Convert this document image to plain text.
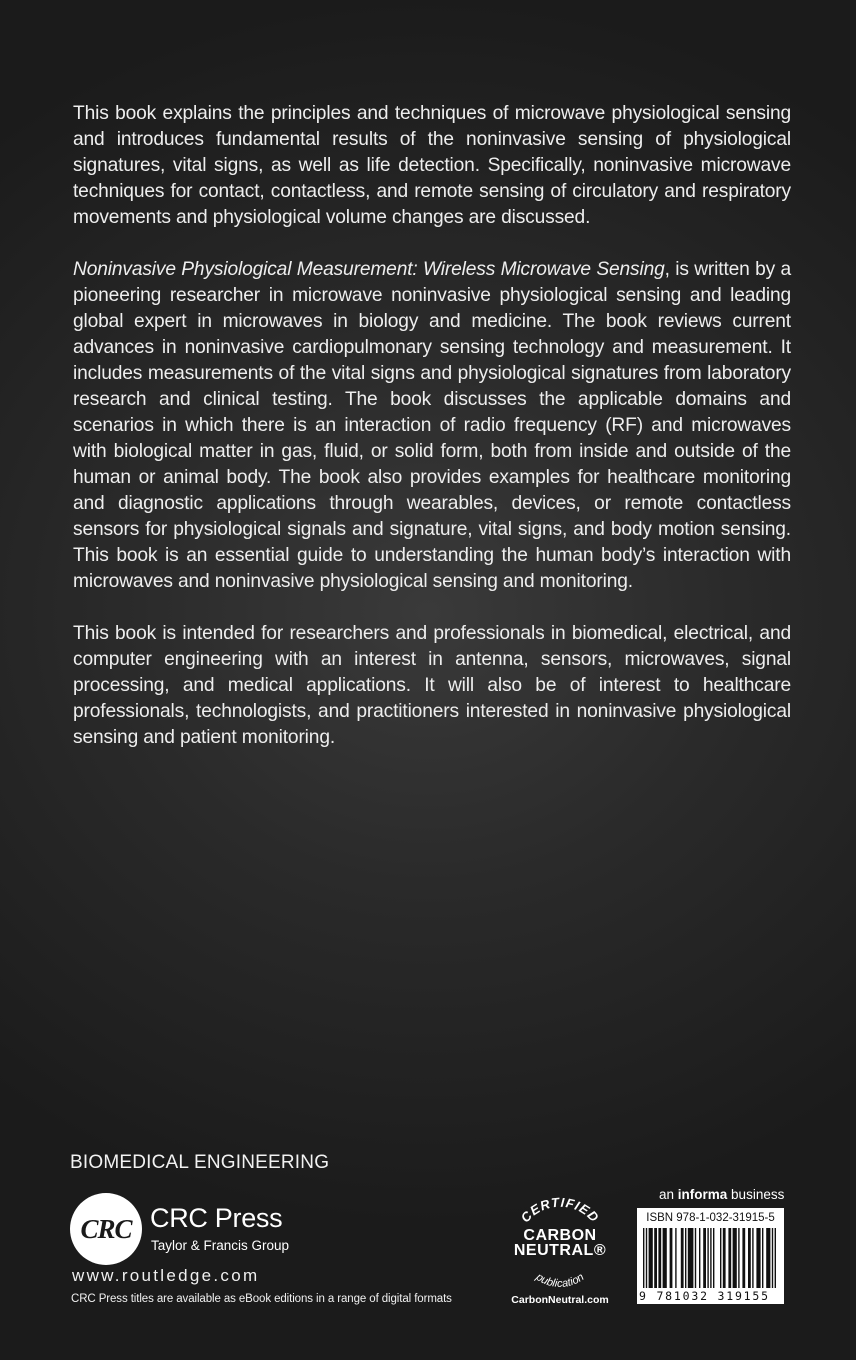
This book explains the principles and techniques of microwave physiological sensing and introduces fundamental results of the noninvasive sensing of physiological signatures, vital signs, as well as life detection. Specifically, noninvasive microwave techniques for contact, contactless, and remote sensing of circulatory and respiratory movements and physiological volume changes are discussed.

Noninvasive Physiological Measurement: Wireless Microwave Sensing, is written by a pioneering researcher in microwave noninvasive physiological sensing and leading global expert in microwaves in biology and medicine. The book reviews current advances in noninvasive cardiopulmonary sensing technology and measurement. It includes measurements of the vital signs and physiological signatures from laboratory research and clinical testing. The book discusses the applicable domains and scenarios in which there is an interaction of radio frequency (RF) and microwaves with biological matter in gas, fluid, or solid form, both from inside and outside of the human or animal body. The book also provides examples for healthcare monitoring and diagnostic applications through wearables, devices, or remote contactless sensors for physiological signals and signature, vital signs, and body motion sensing. This book is an essential guide to understanding the human body’s interaction with microwaves and noninvasive physiological sensing and monitoring.

This book is intended for researchers and professionals in biomedical, electrical, and computer engineering with an interest in antenna, sensors, microwaves, signal processing, and medical applications. It will also be of interest to healthcare professionals, technologists, and practitioners interested in noninvasive physiological sensing and patient monitoring.

BIOMEDICAL ENGINEERING
CRC CRC Press
Taylor & Francis Group
www.routledge.com
CRC Press titles are available as eBook editions in a range of digital formats
CERTIFIED
publication
CARBON
NEUTRAL®
CarbonNeutral.com
an informa business
ISBN 978-1-032-31915-5
9 781032 319155
